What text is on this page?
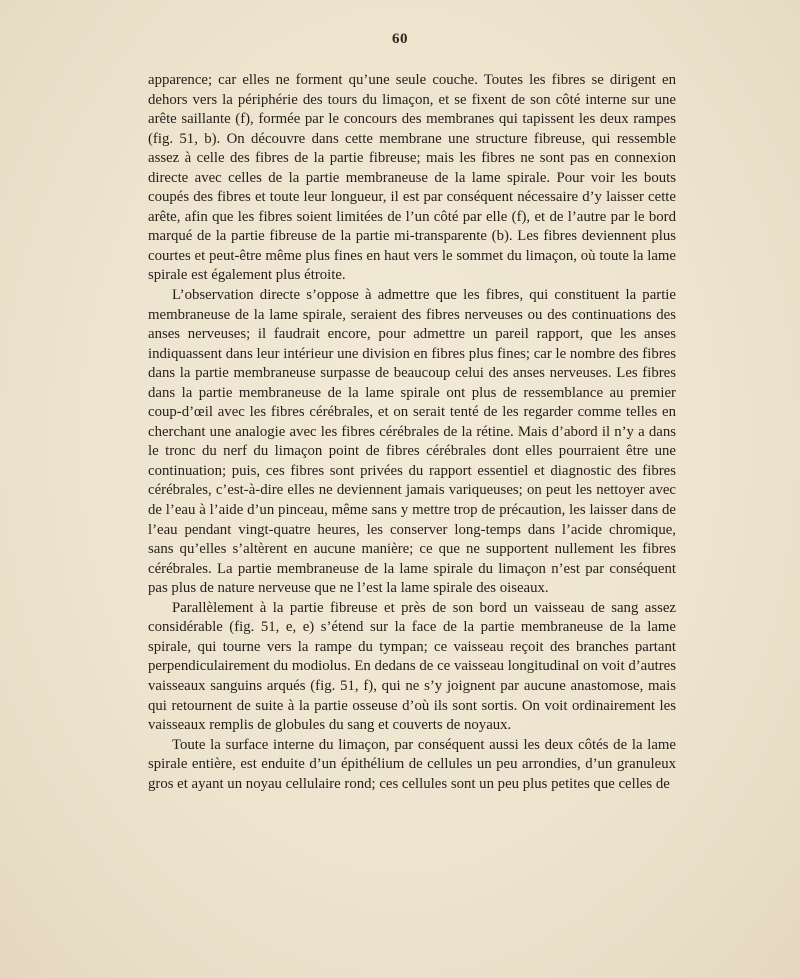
60

apparence; car elles ne forment qu’une seule couche. Toutes les fibres se dirigent en dehors vers la périphérie des tours du limaçon, et se fixent de son côté interne sur une arête saillante (f), formée par le concours des membranes qui tapissent les deux rampes (fig. 51, b). On découvre dans cette membrane une structure fibreuse, qui ressemble assez à celle des fibres de la partie fibreuse; mais les fibres ne sont pas en connexion directe avec celles de la partie membraneuse de la lame spirale. Pour voir les bouts coupés des fibres et toute leur longueur, il est par conséquent nécessaire d’y laisser cette arête, afin que les fibres soient limitées de l’un côté par elle (f), et de l’autre par le bord marqué de la partie fibreuse de la partie mi-transparente (b). Les fibres deviennent plus courtes et peut-être même plus fines en haut vers le sommet du limaçon, où toute la lame spirale est également plus étroite.

L’observation directe s’oppose à admettre que les fibres, qui constituent la partie membraneuse de la lame spirale, seraient des fibres nerveuses ou des continuations des anses nerveuses; il faudrait encore, pour admettre un pareil rapport, que les anses indiquassent dans leur intérieur une division en fibres plus fines; car le nombre des fibres dans la partie membraneuse surpasse de beaucoup celui des anses nerveuses. Les fibres dans la partie membraneuse de la lame spirale ont plus de ressemblance au premier coup-d’œil avec les fibres cérébrales, et on serait tenté de les regarder comme telles en cherchant une analogie avec les fibres cérébrales de la rétine. Mais d’abord il n’y a dans le tronc du nerf du limaçon point de fibres cérébrales dont elles pourraient être une continuation; puis, ces fibres sont privées du rapport essentiel et diagnostic des fibres cérébrales, c’est-à-dire elles ne deviennent jamais variqueuses; on peut les nettoyer avec de l’eau à l’aide d’un pinceau, même sans y mettre trop de précaution, les laisser dans de l’eau pendant vingt-quatre heures, les conserver long-temps dans l’acide chromique, sans qu’elles s’altèrent en aucune manière; ce que ne supportent nullement les fibres cérébrales. La partie membraneuse de la lame spirale du limaçon n’est par conséquent pas plus de nature nerveuse que ne l’est la lame spirale des oiseaux.

Parallèlement à la partie fibreuse et près de son bord un vaisseau de sang assez considérable (fig. 51, e, e) s’étend sur la face de la partie membraneuse de la lame spirale, qui tourne vers la rampe du tympan; ce vaisseau reçoit des branches partant perpendiculairement du modiolus. En dedans de ce vaisseau longitudinal on voit d’autres vaisseaux sanguins arqués (fig. 51, f), qui ne s’y joignent par aucune anastomose, mais qui retournent de suite à la partie osseuse d’où ils sont sortis. On voit ordinairement les vaisseaux remplis de globules du sang et couverts de noyaux.

Toute la surface interne du limaçon, par conséquent aussi les deux côtés de la lame spirale entière, est enduite d’un épithélium de cellules un peu arrondies, d’un granuleux gros et ayant un noyau cellulaire rond; ces cellules sont un peu plus petites que celles de
